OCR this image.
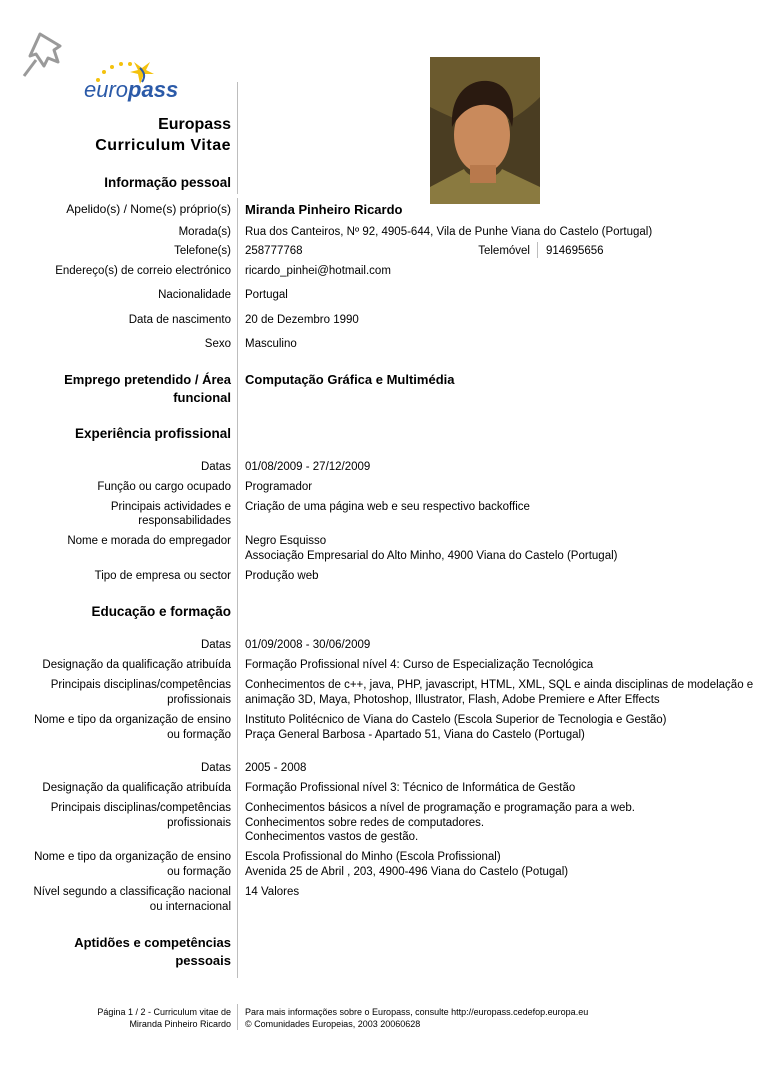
europass
Europass
Curriculum Vitae
Informação pessoal
Apelido(s) / Nome(s) próprio(s) Miranda Pinheiro Ricardo
Morada(s) Rua dos Canteiros, Nº 92, 4905-644, Vila de Punhe Viana do Castelo (Portugal)
Telefone(s) 258777768	Telemóvel 914695656
Endereço(s) de correio electrónico ricardo_pinhei@hotmail.com
Nacionalidade Portugal
Data de nascimento 20 de Dezembro 1990
Sexo Masculino
Emprego pretendido / Área
funcional
Computação Gráfica e Multimédia
Experiência profissional
Datas 01/08/2009 - 27/12/2009
Função ou cargo ocupado Programador
Principais actividades e
responsabilidades
Criação de uma página web e seu respectivo backoffice
Nome e morada do empregador Negro Esquisso
Associação Empresarial do Alto Minho, 4900 Viana do Castelo (Portugal)
Tipo de empresa ou sector Produção web
Educação e formação
Datas 01/09/2008 - 30/06/2009
Designação da qualificação atribuída Formação Profissional nível 4: Curso de Especialização Tecnológica
Principais disciplinas/competências
profissionais
Conhecimentos de c++, java, PHP, javascript, HTML, XML, SQL e ainda disciplinas de modelação e
animação 3D, Maya, Photoshop, Illustrator, Flash, Adobe Premiere e After Effects
Nome e tipo da organização de ensino
ou formação
Instituto Politécnico de Viana do Castelo (Escola Superior de Tecnologia e Gestão)
Praça General Barbosa - Apartado 51, Viana do Castelo (Portugal)
Datas 2005 - 2008
Designação da qualificação atribuída Formação Profissional nível 3: Técnico de Informática de Gestão
Principais disciplinas/competências
profissionais
Conhecimentos básicos a nível de programação e programação para a web.
Conhecimentos sobre redes de computadores.
Conhecimentos vastos de gestão.
Nome e tipo da organização de ensino
ou formação
Escola Profissional do Minho (Escola Profissional)
Avenida 25 de Abril , 203, 4900-496 Viana do Castelo (Potugal)
Nível segundo a classificação nacional
ou internacional
14 Valores
Aptidões e competências
pessoais
Página 1 / 2 - Curriculum vitae de
Miranda Pinheiro Ricardo
Para mais informações sobre o Europass, consulte http://europass.cedefop.europa.eu
© Comunidades Europeias, 2003 20060628
